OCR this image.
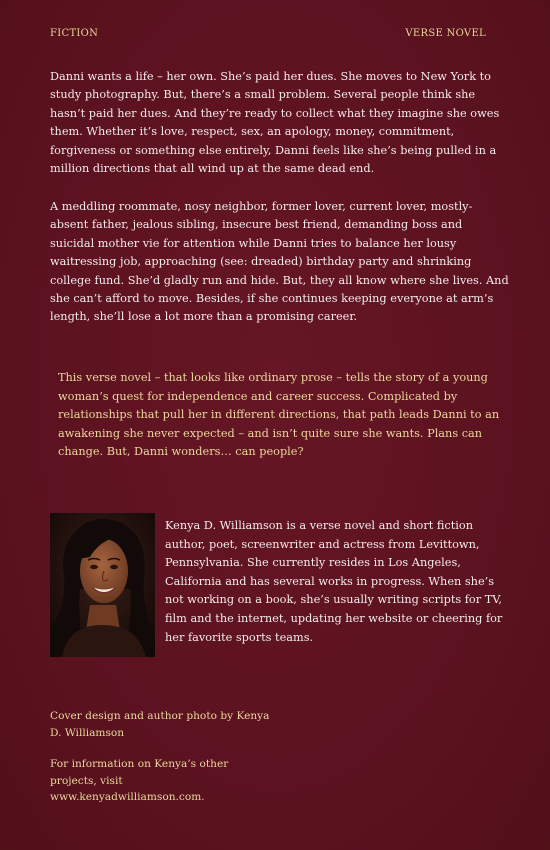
FICTION	VERSE NOVEL

Danni wants a life – her own. She’s paid her dues. She moves to New York to study photography. But, there’s a small problem. Several people think she hasn’t paid her dues. And they’re ready to collect what they imagine she owes them. Whether it’s love, respect, sex, an apology, money, commitment, forgiveness or something else entirely, Danni feels like she’s being pulled in a million directions that all wind up at the same dead end.

A meddling roommate, nosy neighbor, former lover, current lover, mostly-absent father, jealous sibling, insecure best friend, demanding boss and suicidal mother vie for attention while Danni tries to balance her lousy waitressing job, approaching (see: dreaded) birthday party and shrinking college fund. She’d gladly run and hide. But, they all know where she lives. And she can’t afford to move. Besides, if she continues keeping everyone at arm’s length, she’ll lose a lot more than a promising career.

This verse novel – that looks like ordinary prose – tells the story of a young woman’s quest for independence and career success. Complicated by relationships that pull her in different directions, that path leads Danni to an awakening she never expected – and isn’t quite sure she wants. Plans can change. But, Danni wonders… can people?

Kenya D. Williamson is a verse novel and short fiction author, poet, screenwriter and actress from Levittown, Pennsylvania. She currently resides in Los Angeles, California and has several works in progress. When she’s not working on a book, she’s usually writing scripts for TV, film and the internet, updating her website or cheering for her favorite sports teams.

Cover design and author photo by Kenya D. Williamson

For information on Kenya’s other projects, visit www.kenyadwilliamson.com.
